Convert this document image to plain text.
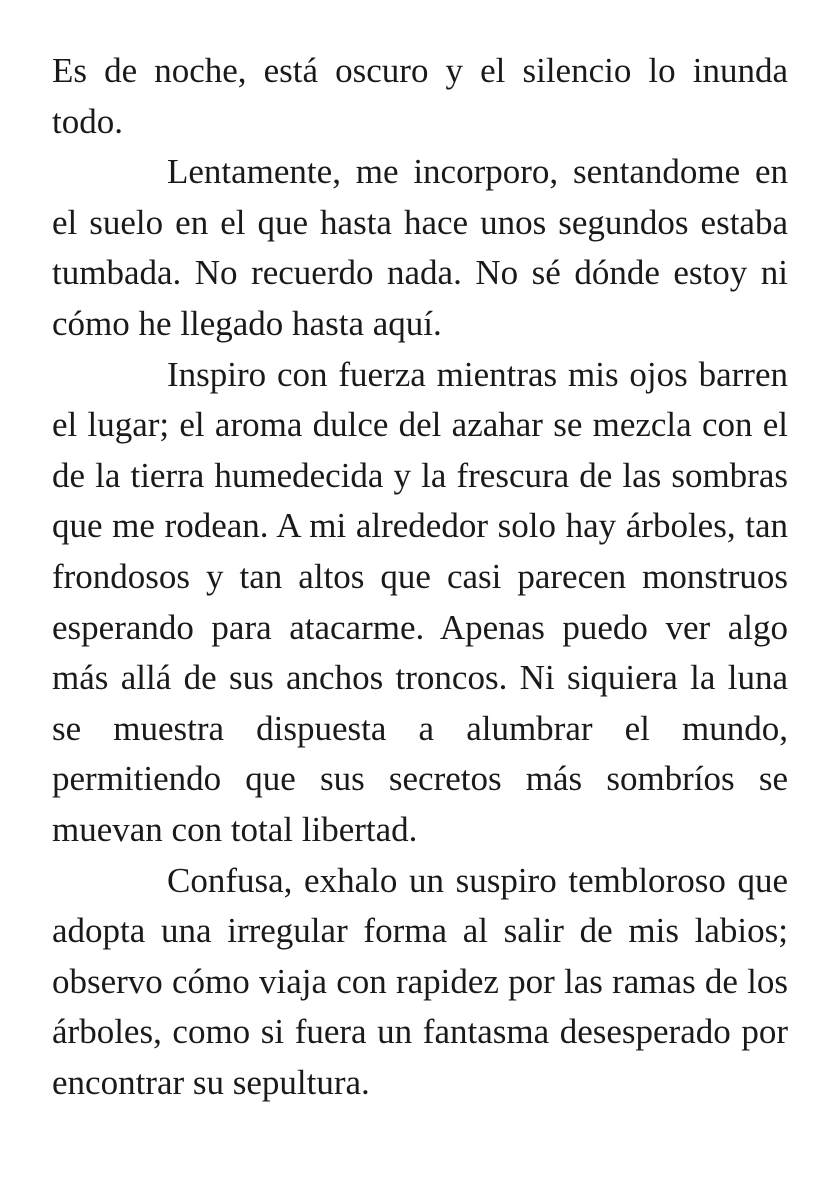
Es de noche, está oscuro y el silencio lo inunda todo.

Lentamente, me incorporo, sentandome en el suelo en el que hasta hace unos segundos estaba tumbada. No recuerdo nada. No sé dónde estoy ni cómo he llegado hasta aquí.

Inspiro con fuerza mientras mis ojos barren el lugar; el aroma dulce del azahar se mezcla con el de la tierra humedecida y la frescura de las sombras que me rodean. A mi alrededor solo hay árboles, tan frondosos y tan altos que casi parecen monstruos esperando para atacarme. Apenas puedo ver algo más allá de sus anchos troncos. Ni siquiera la luna se muestra dispuesta a alumbrar el mundo, permitiendo que sus secretos más sombríos se muevan con total libertad.

Confusa, exhalo un suspiro tembloroso que adopta una irregular forma al salir de mis labios; observo cómo viaja con rapidez por las ramas de los árboles, como si fuera un fantasma desesperado por encontrar su sepultura.
